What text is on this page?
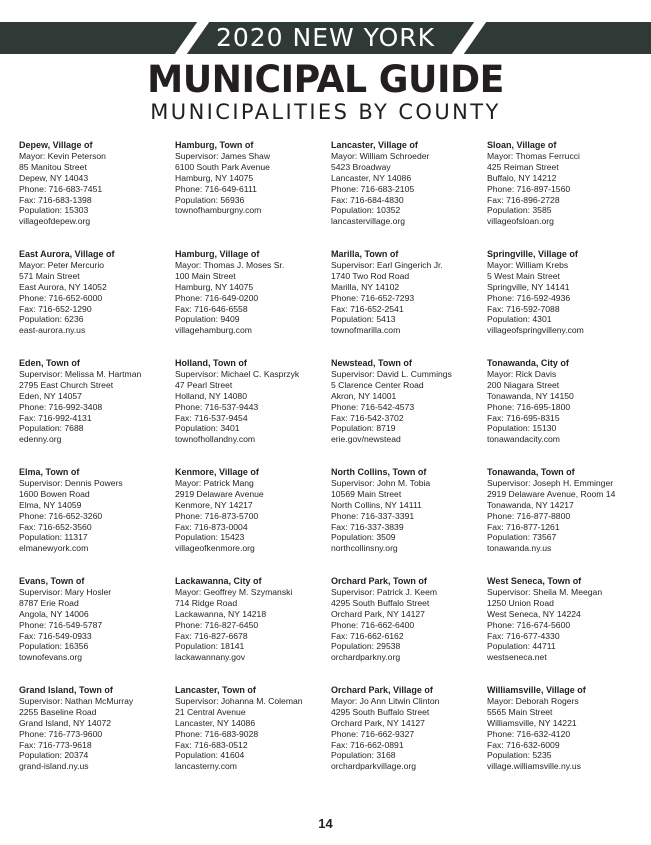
2020 NEW YORK
MUNICIPAL GUIDE
MUNICIPALITIES BY COUNTY
Depew, Village of
Mayor: Kevin Peterson
85 Manitou Street
Depew, NY 14043
Phone: 716-683-7451
Fax: 716-683-1398
Population: 15303
villageofdepew.org
East Aurora, Village of
Mayor: Peter Mercurio
571 Main Street
East Aurora, NY 14052
Phone: 716-652-6000
Fax: 716-652-1290
Population: 6236
east-aurora.ny.us
Eden, Town of
Supervisor: Melissa M. Hartman
2795 East Church Street
Eden, NY 14057
Phone: 716-992-3408
Fax: 716-992-4131
Population: 7688
edenny.org
Elma, Town of
Supervisor: Dennis Powers
1600 Bowen Road
Elma, NY 14059
Phone: 716-652-3260
Fax: 716-652-3560
Population: 11317
elmanewyork.com
Evans, Town of
Supervisor: Mary Hosler
8787 Erie Road
Angola, NY 14006
Phone: 716-549-5787
Fax: 716-549-0933
Population: 16356
townofevans.org
Grand Island, Town of
Supervisor: Nathan McMurray
2255 Baseline Road
Grand Island, NY 14072
Phone: 716-773-9600
Fax: 716-773-9618
Population: 20374
grand-island.ny.us
Hamburg, Town of
Supervisor: James Shaw
6100 South Park Avenue
Hamburg, NY 14075
Phone: 716-649-6111
Population: 56936
townofhamburgny.com
Hamburg, Village of
Mayor: Thomas J. Moses Sr.
100 Main Street
Hamburg, NY 14075
Phone: 716-649-0200
Fax: 716-646-6558
Population: 9409
villagehamburg.com
Holland, Town of
Supervisor: Michael C. Kasprzyk
47 Pearl Street
Holland, NY 14080
Phone: 716-537-9443
Fax: 716-537-9454
Population: 3401
townofhollandny.com
Kenmore, Village of
Mayor: Patrick Mang
2919 Delaware Avenue
Kenmore, NY 14217
Phone: 716-873-5700
Fax: 716-873-0004
Population: 15423
villageofkenmore.org
Lackawanna, City of
Mayor: Geoffrey M. Szymanski
714 Ridge Road
Lackawanna, NY 14218
Phone: 716-827-6450
Fax: 716-827-6678
Population: 18141
lackawannany.gov
Lancaster, Town of
Supervisor: Johanna M. Coleman
21 Central Avenue
Lancaster, NY 14086
Phone: 716-683-9028
Fax: 716-683-0512
Population: 41604
lancasterny.com
Lancaster, Village of
Mayor: William Schroeder
5423 Broadway
Lancaster, NY 14086
Phone: 716-683-2105
Fax: 716-684-4830
Population: 10352
lancastervillage.org
Marilla, Town of
Supervisor: Earl Gingerich Jr.
1740 Two Rod Road
Marilla, NY 14102
Phone: 716-652-7293
Fax: 716-652-2541
Population: 5413
townofmarilla.com
Newstead, Town of
Supervisor: David L. Cummings
5 Clarence Center Road
Akron, NY 14001
Phone: 716-542-4573
Fax: 716-542-3702
Population: 8719
erie.gov/newstead
North Collins, Town of
Supervisor: John M. Tobia
10569 Main Street
North Collins, NY 14111
Phone: 716-337-3391
Fax: 716-337-3839
Population: 3509
northcollinsny.org
Orchard Park, Town of
Supervisor: Patrick J. Keem
4295 South Buffalo Street
Orchard Park, NY 14127
Phone: 716-662-6400
Fax: 716-662-6162
Population: 29538
orchardparkny.org
Orchard Park, Village of
Mayor: Jo Ann Litwin Clinton
4295 South Buffalo Street
Orchard Park, NY 14127
Phone: 716-662-9327
Fax: 716-662-0891
Population: 3168
orchardparkvillage.org
Sloan, Village of
Mayor: Thomas Ferrucci
425 Reiman Street
Buffalo, NY 14212
Phone: 716-897-1560
Fax: 716-896-2728
Population: 3585
villageofsloan.org
Springville, Village of
Mayor: William Krebs
5 West Main Street
Springville, NY 14141
Phone: 716-592-4936
Fax: 716-592-7088
Population: 4301
villageofspringvilleny.com
Tonawanda, City of
Mayor: Rick Davis
200 Niagara Street
Tonawanda, NY 14150
Phone: 716-695-1800
Fax: 716-695-8315
Population: 15130
tonawandacity.com
Tonawanda, Town of
Supervisor: Joseph H. Emminger
2919 Delaware Avenue, Room 14
Tonawanda, NY 14217
Phone: 716-877-8800
Fax: 716-877-1261
Population: 73567
tonawanda.ny.us
West Seneca, Town of
Supervisor: Sheila M. Meegan
1250 Union Road
West Seneca, NY 14224
Phone: 716-674-5600
Fax: 716-677-4330
Population: 44711
westseneca.net
Williamsville, Village of
Mayor: Deborah Rogers
5565 Main Street
Williamsville, NY 14221
Phone: 716-632-4120
Fax: 716-632-6009
Population: 5235
village.williamsville.ny.us
14
